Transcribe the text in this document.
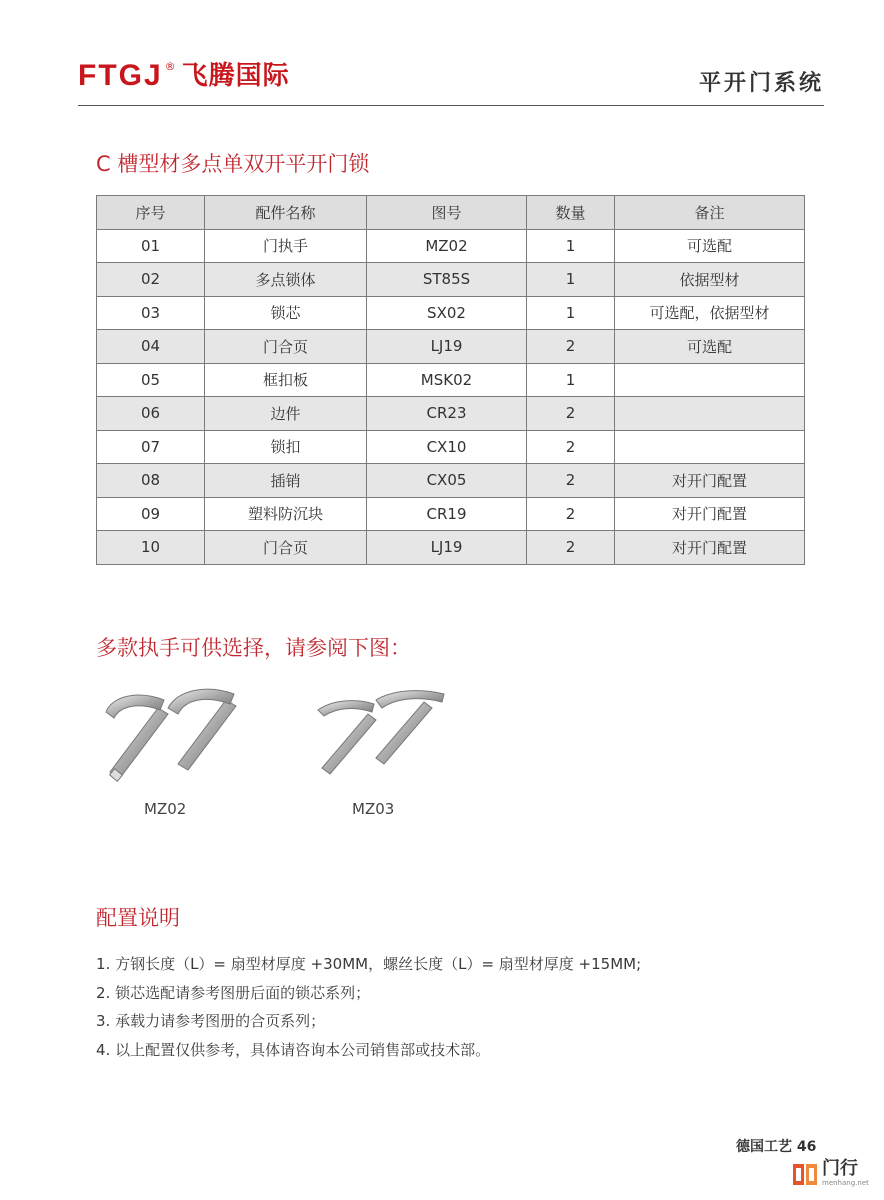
FTGJ ® 飞腾国际	平开门系统
C 槽型材多点单双开平开门锁
序号	配件名称	图号	数量	备注
01	门执手	MZ02	1	可选配
02	多点锁体	ST85S	1	依据型材
03	锁芯	SX02	1	可选配，依据型材
04	门合页	LJ19	2	可选配
05	框扣板	MSK02	1	
06	边件	CR23	2	
07	锁扣	CX10	2	
08	插销	CX05	2	对开门配置
09	塑料防沉块	CR19	2	对开门配置
10	门合页	LJ19	2	对开门配置
多款执手可供选择，请参阅下图：
MZ02	MZ03
配置说明
1. 方钢长度（L）= 扇型材厚度 +30MM，螺丝长度（L）= 扇型材厚度 +15MM;
2. 锁芯选配请参考图册后面的锁芯系列；
3. 承载力请参考图册的合页系列；
4. 以上配置仅供参考，具体请咨询本公司销售部或技术部。
德国工艺 46
门行
menhang.net
